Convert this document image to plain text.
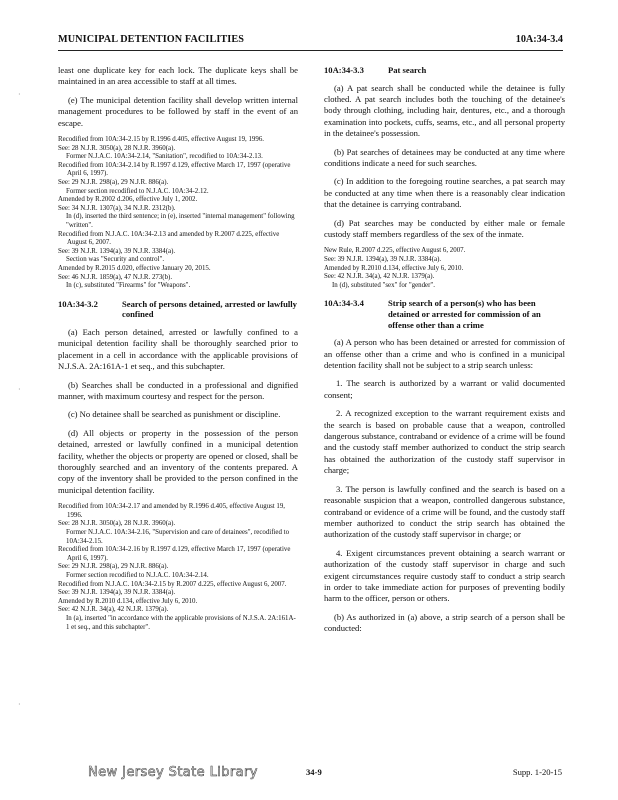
MUNICIPAL DETENTION FACILITIES	10A:34-3.4
·
·
·

least one duplicate key for each lock. The duplicate keys shall be maintained in an area accessible to staff at all times.

(e) The municipal detention facility shall develop written internal management procedures to be followed by staff in the event of an escape.

Recodified from 10A:34-2.15 by R.1996 d.405, effective August 19, 1996.
See: 28 N.J.R. 3050(a), 28 N.J.R. 3960(a).
Former N.J.A.C. 10A:34-2.14, "Sanitation", recodified to 10A:34-2.13.
Recodified from 10A:34-2.14 by R.1997 d.129, effective March 17, 1997 (operative April 6, 1997).
See: 29 N.J.R. 298(a), 29 N.J.R. 886(a).
Former section recodified to N.J.A.C. 10A:34-2.12.
Amended by R.2002 d.206, effective July 1, 2002.
See: 34 N.J.R. 1307(a), 34 N.J.R. 2312(b).
In (d), inserted the third sentence; in (e), inserted "internal management" following "written".
Recodified from N.J.A.C. 10A:34-2.13 and amended by R.2007 d.225, effective August 6, 2007.
See: 39 N.J.R. 1394(a), 39 N.J.R. 3384(a).
Section was "Security and control".
Amended by R.2015 d.020, effective January 20, 2015.
See: 46 N.J.R. 1859(a), 47 N.J.R. 273(b).
In (c), substituted "Firearms" for "Weapons".
10A:34-3.2	Search of persons detained, arrested or lawfully confined

(a) Each person detained, arrested or lawfully confined to a municipal detention facility shall be thoroughly searched prior to placement in a cell in accordance with the applicable provisions of N.J.S.A. 2A:161A-1 et seq., and this subchapter.

(b) Searches shall be conducted in a professional and dignified manner, with maximum courtesy and respect for the person.

(c) No detainee shall be searched as punishment or discipline.

(d) All objects or property in the possession of the person detained, arrested or lawfully confined in a municipal detention facility, whether the objects or property are opened or closed, shall be thoroughly searched and an inventory of the contents prepared. A copy of the inventory shall be provided to the person confined in the municipal detention facility.

Recodified from 10A:34-2.17 and amended by R.1996 d.405, effective August 19, 1996.
See: 28 N.J.R. 3050(a), 28 N.J.R. 3960(a).
Former N.J.A.C. 10A:34-2.16, "Supervision and care of detainees", recodified to 10A:34-2.15.
Recodified from 10A:34-2.16 by R.1997 d.129, effective March 17, 1997 (operative April 6, 1997).
See: 29 N.J.R. 298(a), 29 N.J.R. 886(a).
Former section recodified to N.J.A.C. 10A:34-2.14.
Recodified from N.J.A.C. 10A:34-2.15 by R.2007 d.225, effective August 6, 2007.
See: 39 N.J.R. 1394(a), 39 N.J.R. 3384(a).
Amended by R.2010 d.134, effective July 6, 2010.
See: 42 N.J.R. 34(a), 42 N.J.R. 1379(a).
In (a), inserted "in accordance with the applicable provisions of N.J.S.A. 2A:161A-1 et seq., and this subchapter".
10A:34-3.3	Pat search

(a) A pat search shall be conducted while the detainee is fully clothed. A pat search includes both the touching of the detainee's body through clothing, including hair, dentures, etc., and a thorough examination into pockets, cuffs, seams, etc., and all personal property in the detainee's possession.

(b) Pat searches of detainees may be conducted at any time where conditions indicate a need for such searches.

(c) In addition to the foregoing routine searches, a pat search may be conducted at any time when there is a reasonably clear indication that the detainee is carrying contraband.

(d) Pat searches may be conducted by either male or female custody staff members regardless of the sex of the inmate.

New Rule, R.2007 d.225, effective August 6, 2007.
See: 39 N.J.R. 1394(a), 39 N.J.R. 3384(a).
Amended by R.2010 d.134, effective July 6, 2010.
See: 42 N.J.R. 34(a), 42 N.J.R. 1379(a).
In (d), substituted "sex" for "gender".
10A:34-3.4	Strip search of a person(s) who has been detained or arrested for commission of an offense other than a crime

(a) A person who has been detained or arrested for commission of an offense other than a crime and who is confined in a municipal detention facility shall not be subject to a strip search unless:

1. The search is authorized by a warrant or valid documented consent;

2. A recognized exception to the warrant requirement exists and the search is based on probable cause that a weapon, controlled dangerous substance, contraband or evidence of a crime will be found and the custody staff member authorized to conduct the strip search has obtained the authorization of the custody staff supervisor in charge;

3. The person is lawfully confined and the search is based on a reasonable suspicion that a weapon, controlled dangerous substance, contraband or evidence of a crime will be found, and the custody staff member authorized to conduct the strip search has obtained the authorization of the custody staff supervisor in charge; or

4. Exigent circumstances prevent obtaining a search warrant or authorization of the custody staff supervisor in charge and such exigent circumstances require custody staff to conduct a strip search in order to take immediate action for purposes of preventing bodily harm to the officer, person or others.

(b) As authorized in (a) above, a strip search of a person shall be conducted:

New Jersey State Library	34-9	Supp. 1-20-15
